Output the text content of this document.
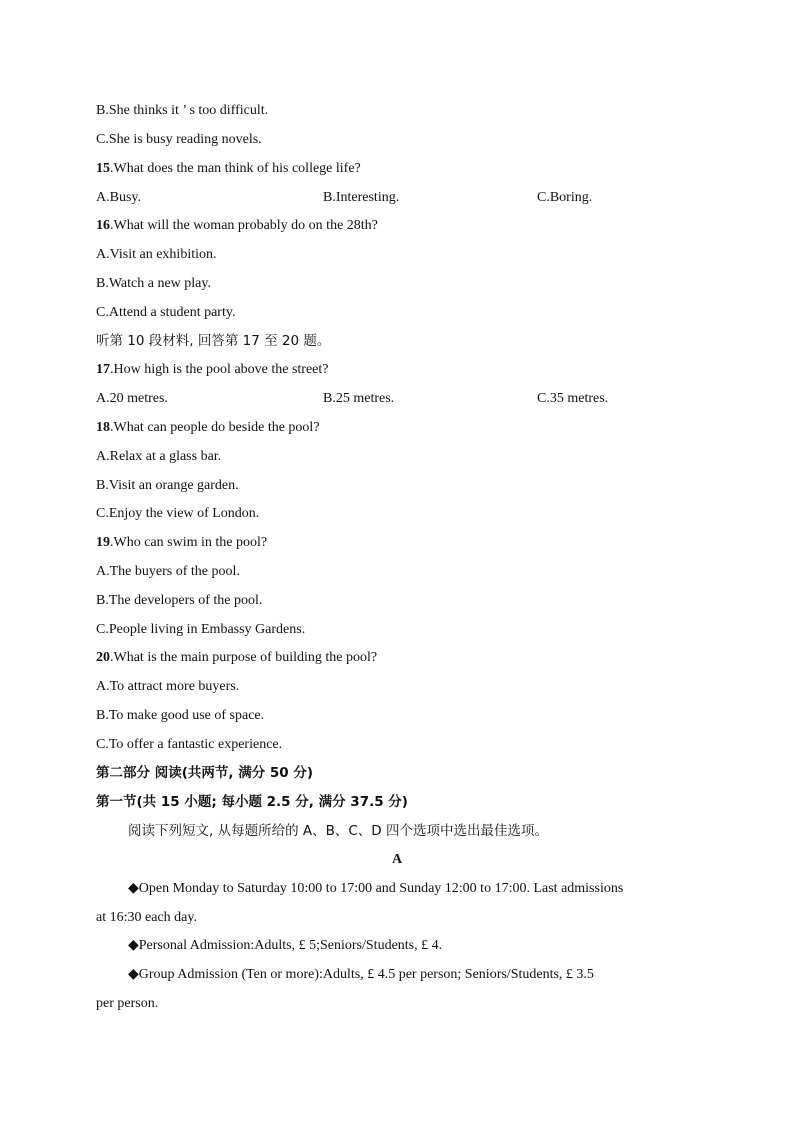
B.She thinks it ’ s too difficult.
C.She is busy reading novels.
15.What does the man think of his college life?
A.Busy.	B.Interesting.	C.Boring.
16.What will the woman probably do on the 28th?
A.Visit an exhibition.
B.Watch a new play.
C.Attend a student party.
听第 10 段材料, 回答第 17 至 20 题。
17.How high is the pool above the street?
A.20 metres.	B.25 metres.	C.35 metres.
18.What can people do beside the pool?
A.Relax at a glass bar.
B.Visit an orange garden.
C.Enjoy the view of London.
19.Who can swim in the pool?
A.The buyers of the pool.
B.The developers of the pool.
C.People living in Embassy Gardens.
20.What is the main purpose of building the pool?
A.To attract more buyers.
B.To make good use of space.
C.To offer a fantastic experience.
第二部分 阅读(共两节, 满分 50 分)
第一节(共 15 小题; 每小题 2.5 分, 满分 37.5 分)
阅读下列短文, 从每题所给的 A、B、C、D 四个选项中选出最佳选项。
A
◆Open Monday to Saturday 10:00 to 17:00 and Sunday 12:00 to 17:00. Last admissions
at 16:30 each day.
◆Personal Admission:Adults, £ 5;Seniors/Students, £ 4.
◆Group Admission (Ten or more):Adults, £ 4.5 per person; Seniors/Students, £ 3.5
per person.
